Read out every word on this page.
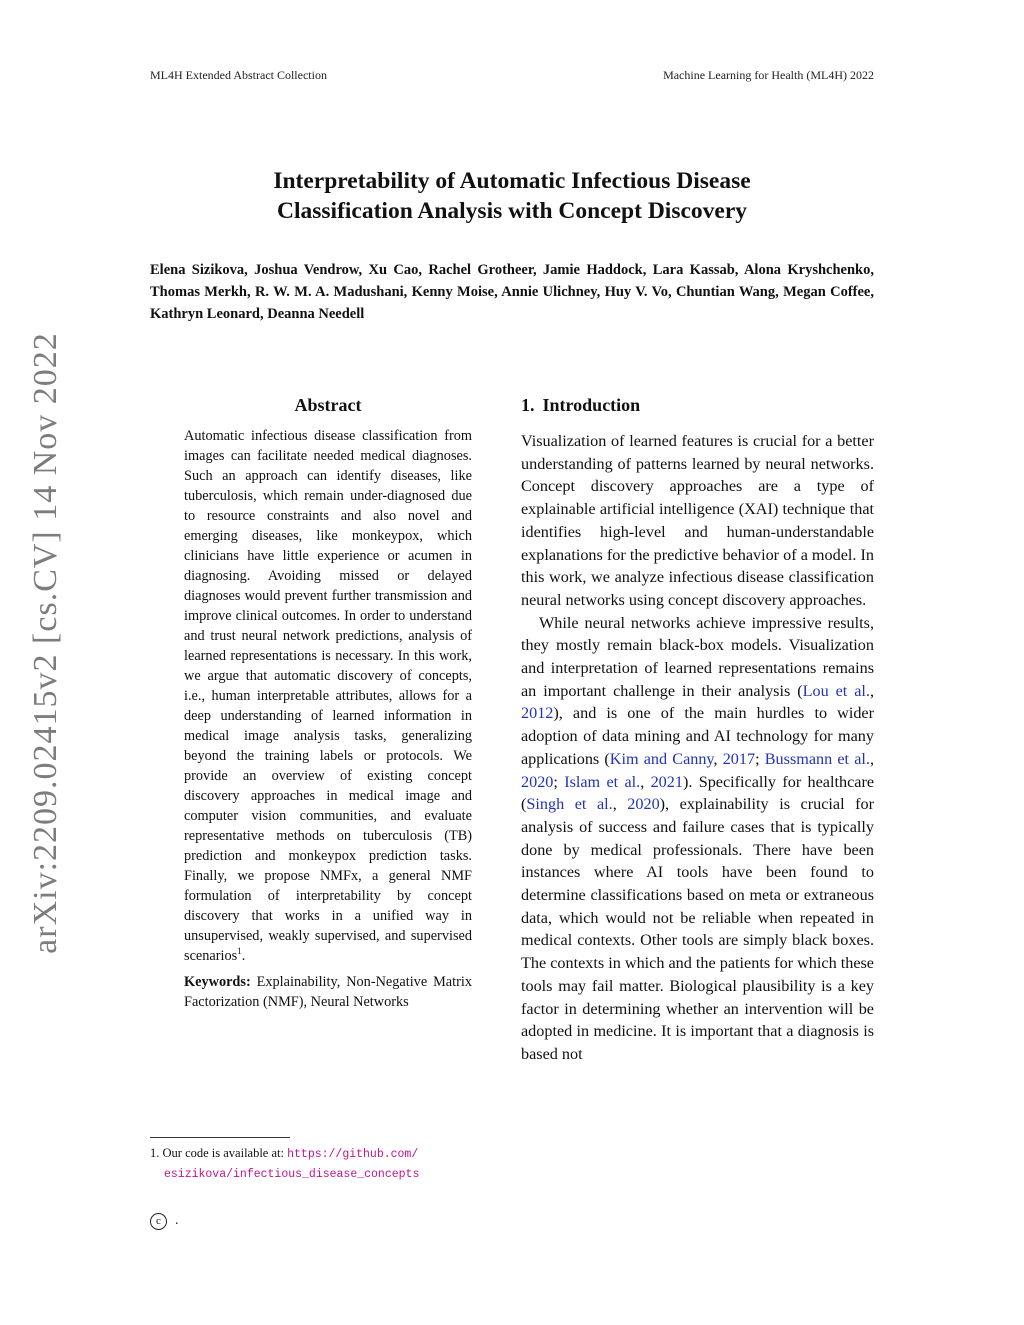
ML4H Extended Abstract Collection	Machine Learning for Health (ML4H) 2022
arXiv:2209.02415v2 [cs.CV] 14 Nov 2022
Interpretability of Automatic Infectious Disease
Classification Analysis with Concept Discovery
Elena Sizikova, Joshua Vendrow, Xu Cao, Rachel Grotheer, Jamie Haddock, Lara Kassab, Alona Kryshchenko, Thomas Merkh, R. W. M. A. Madushani, Kenny Moise, Annie Ulichney, Huy V. Vo, Chuntian Wang, Megan Coffee, Kathryn Leonard, Deanna Needell
Abstract
Automatic infectious disease classification from images can facilitate needed medical diagnoses. Such an approach can identify diseases, like tuberculosis, which remain under-diagnosed due to resource constraints and also novel and emerging diseases, like monkeypox, which clinicians have little experience or acumen in diagnosing. Avoiding missed or delayed diagnoses would prevent further transmission and improve clinical outcomes. In order to understand and trust neural network predictions, analysis of learned representations is necessary. In this work, we argue that automatic discovery of concepts, i.e., human interpretable attributes, allows for a deep understanding of learned information in medical image analysis tasks, generalizing beyond the training labels or protocols. We provide an overview of existing concept discovery approaches in medical image and computer vision communities, and evaluate representative methods on tuberculosis (TB) prediction and monkeypox prediction tasks. Finally, we propose NMFx, a general NMF formulation of interpretability by concept discovery that works in a unified way in unsupervised, weakly supervised, and supervised scenarios$^1$.
Keywords: Explainability, Non-Negative Matrix Factorization (NMF), Neural Networks
1. Our code is available at: https://github.com/
esizikova/infectious_disease_concepts
c .
1. Introduction

Visualization of learned features is crucial for a better understanding of patterns learned by neural networks. Concept discovery approaches are a type of explainable artificial intelligence (XAI) technique that identifies high-level and human-understandable explanations for the predictive behavior of a model. In this work, we analyze infectious disease classification neural networks using concept discovery approaches.

While neural networks achieve impressive results, they mostly remain black-box models. Visualization and interpretation of learned representations remains an important challenge in their analysis (Lou et al., 2012), and is one of the main hurdles to wider adoption of data mining and AI technology for many applications (Kim and Canny, 2017; Bussmann et al., 2020; Islam et al., 2021). Specifically for healthcare (Singh et al., 2020), explainability is crucial for analysis of success and failure cases that is typically done by medical professionals. There have been instances where AI tools have been found to determine classifications based on meta or extraneous data, which would not be reliable when repeated in medical contexts. Other tools are simply black boxes. The contexts in which and the patients for which these tools may fail matter. Biological plausibility is a key factor in determining whether an intervention will be adopted in medicine. It is important that a diagnosis is based not
